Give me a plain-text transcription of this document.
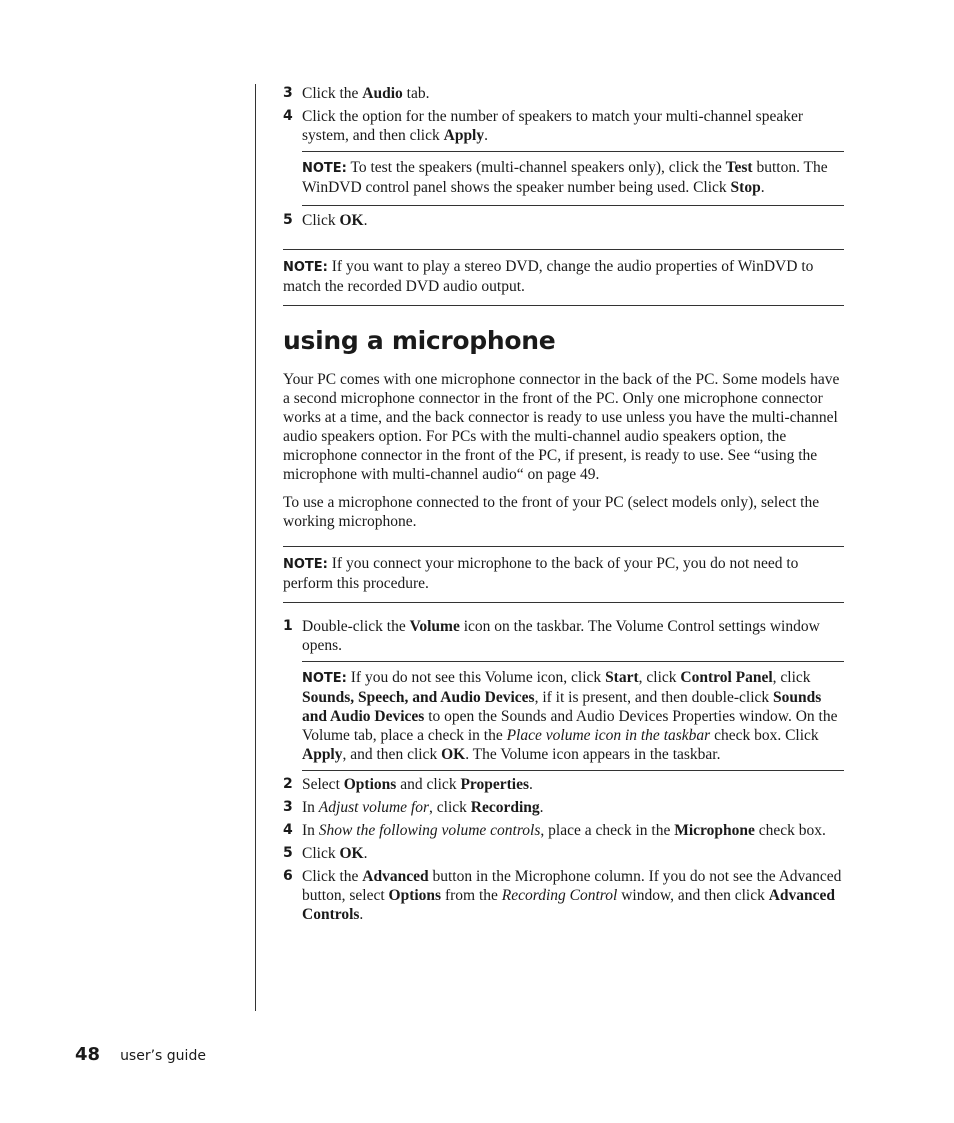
3 Click the Audio tab.
4 Click the option for the number of speakers to match your multi-channel speaker system, and then click Apply.
NOTE: To test the speakers (multi-channel speakers only), click the Test button. The WinDVD control panel shows the speaker number being used. Click Stop.
5 Click OK.
NOTE: If you want to play a stereo DVD, change the audio properties of WinDVD to match the recorded DVD audio output.
using a microphone

Your PC comes with one microphone connector in the back of the PC. Some models have a second microphone connector in the front of the PC. Only one microphone connector works at a time, and the back connector is ready to use unless you have the multi-channel audio speakers option. For PCs with the multi-channel audio speakers option, the microphone connector in the front of the PC, if present, is ready to use. See “using the microphone with multi-channel audio“ on page 49.

To use a microphone connected to the front of your PC (select models only), select the working microphone.

NOTE: If you connect your microphone to the back of your PC, you do not need to perform this procedure.
1 Double-click the Volume icon on the taskbar. The Volume Control settings window opens.
NOTE: If you do not see this Volume icon, click Start, click Control Panel, click Sounds, Speech, and Audio Devices, if it is present, and then double-click Sounds and Audio Devices to open the Sounds and Audio Devices Properties window. On the Volume tab, place a check in the Place volume icon in the taskbar check box. Click Apply, and then click OK. The Volume icon appears in the taskbar.
2 Select Options and click Properties.
3 In Adjust volume for, click Recording.
4 In Show the following volume controls, place a check in the Microphone check box.
5 Click OK.
6 Click the Advanced button in the Microphone column. If you do not see the Advanced button, select Options from the Recording Control window, and then click Advanced Controls.
48 user’s guide
